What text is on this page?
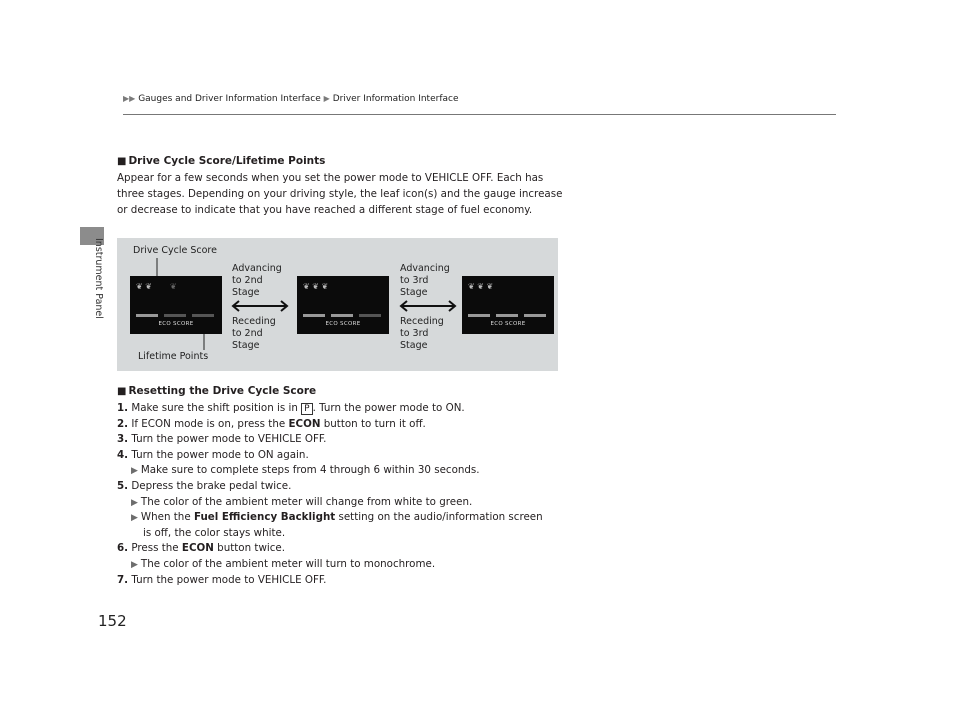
Instrument Panel
▶▶ Gauges and Driver Information Interface ▶ Driver Information Interface
■ Drive Cycle Score/Lifetime Points
Appear for a few seconds when you set the power mode to VEHICLE OFF. Each has three stages. Depending on your driving style, the leaf icon(s) and the gauge increase or decrease to indicate that you have reached a different stage of fuel economy.
Drive Cycle Score
Lifetime Points
❦ ❦ ❦
ECO SCORE
Advancing
to 2nd
Stage
Receding
to 2nd
Stage
❦ ❦ ❦
ECO SCORE
Advancing
to 3rd
Stage
Receding
to 3rd
Stage
❦ ❦ ❦
ECO SCORE
■ Resetting the Drive Cycle Score
1. Make sure the shift position is in P . Turn the power mode to ON.
2. If ECON mode is on, press the ECON button to turn it off.
3. Turn the power mode to VEHICLE OFF.
4. Turn the power mode to ON again.
▶ Make sure to complete steps from 4 through 6 within 30 seconds.
5. Depress the brake pedal twice.
▶ The color of the ambient meter will change from white to green.
▶ When the Fuel Efficiency Backlight setting on the audio/information screen
is off, the color stays white.
6. Press the ECON button twice.
▶ The color of the ambient meter will turn to monochrome.
7. Turn the power mode to VEHICLE OFF.
152
